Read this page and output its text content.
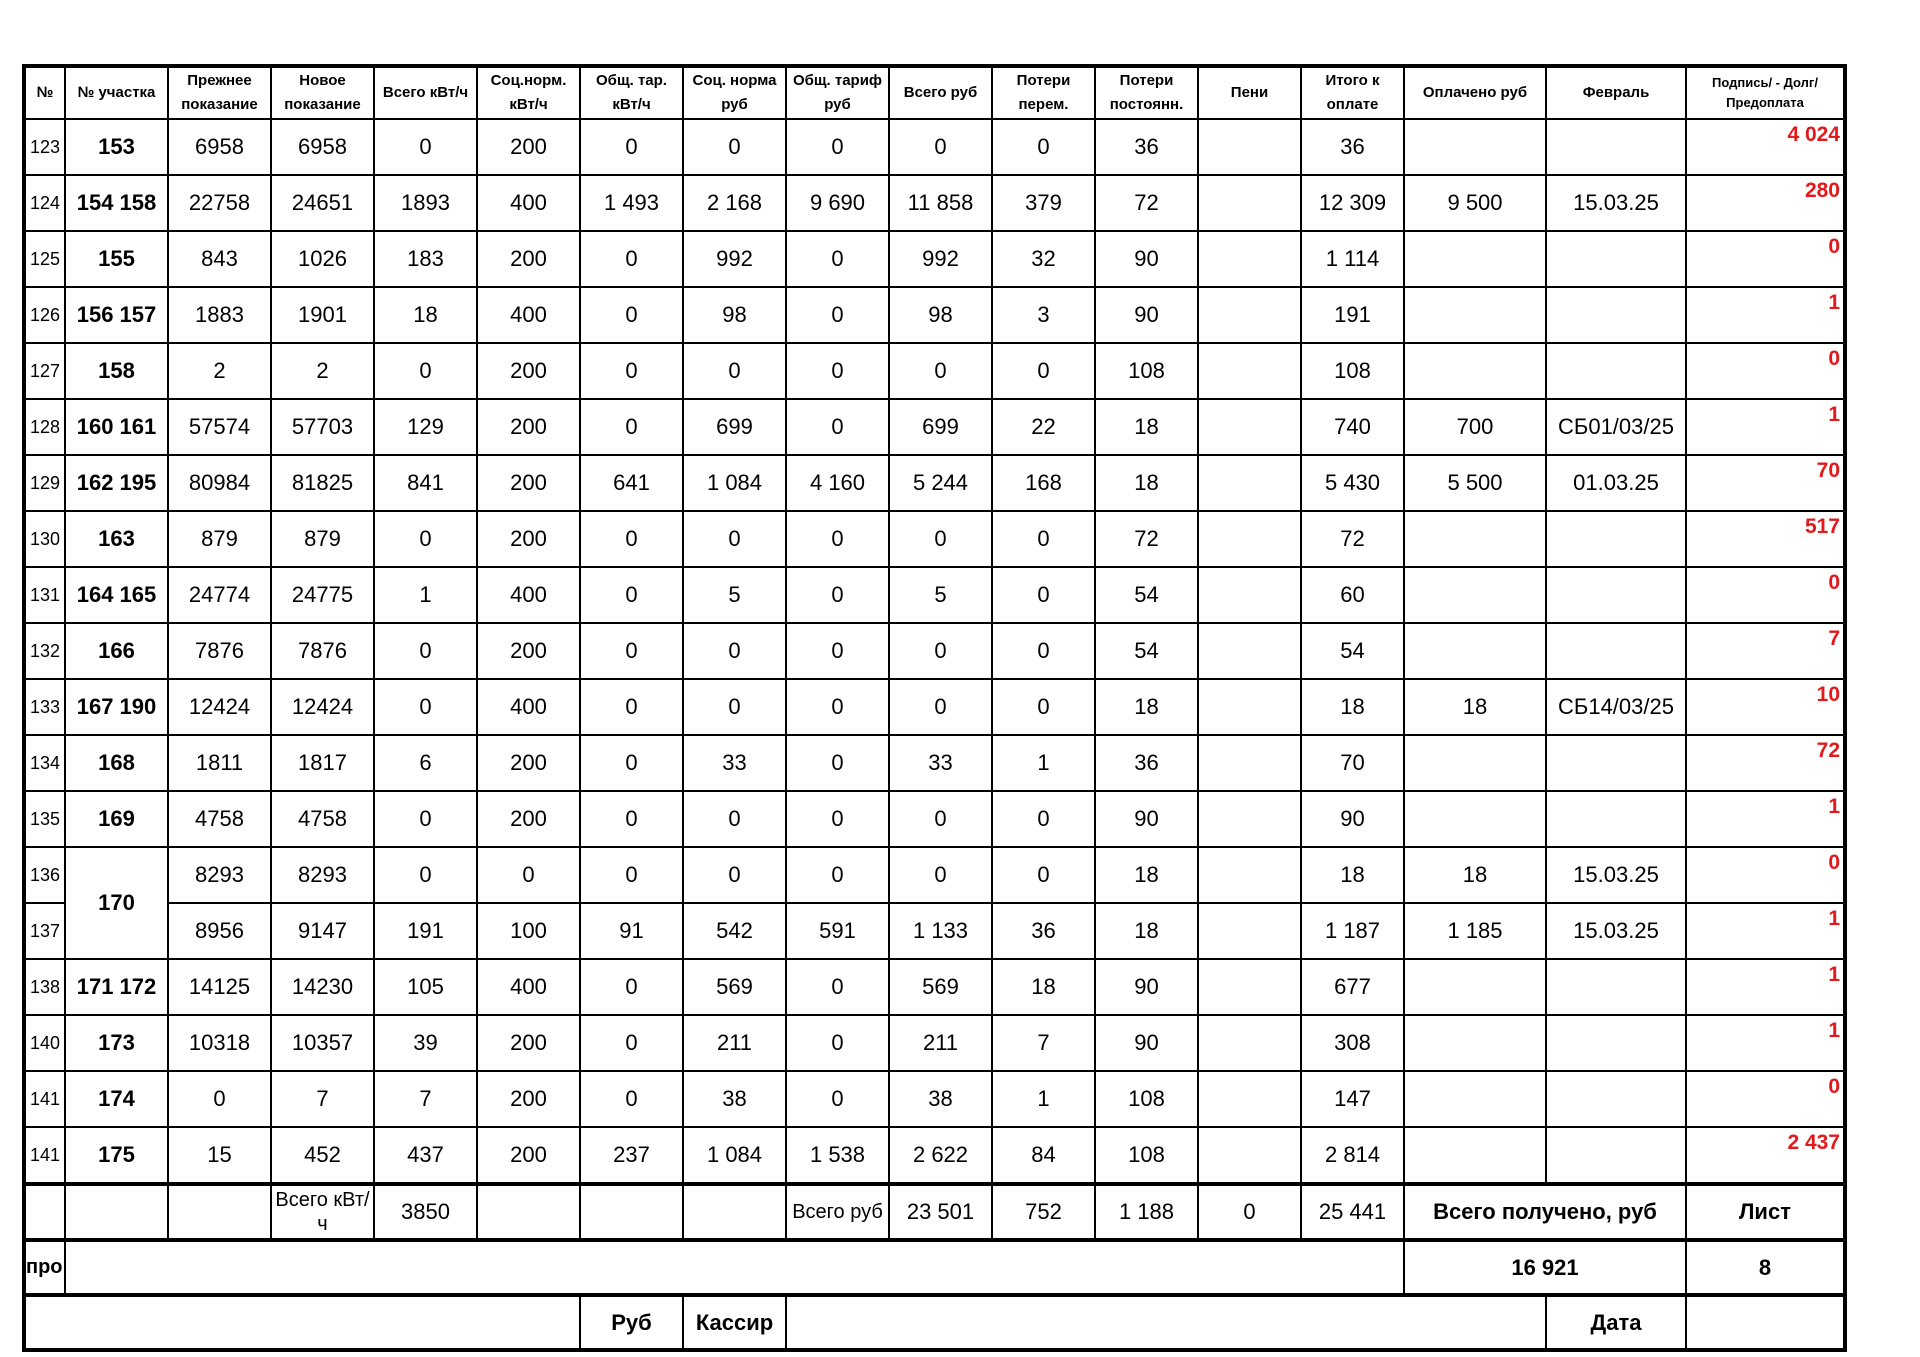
№	№ участка	Прежнее показание	Новое показание	Всего кВт/ч	Соц.норм. кВт/ч	Общ. тар. кВт/ч	Соц. норма руб	Общ. тариф руб	Всего руб	Потери перем.	Потери постоянн.	Пени	Итого к оплате	Оплачено руб	Февраль	Подпись/ - Долг/Предоплата
123	153	6958	6958	0	200	0	0	0	0	0	36		36			4 024
124	154 158	22758	24651	1893	400	1 493	2 168	9 690	11 858	379	72		12 309	9 500	15.03.25	280
125	155	843	1026	183	200	0	992	0	992	32	90		1 114			0
126	156 157	1883	1901	18	400	0	98	0	98	3	90		191			1
127	158	2	2	0	200	0	0	0	0	0	108		108			0
128	160 161	57574	57703	129	200	0	699	0	699	22	18		740	700	СБ01/03/25	1
129	162 195	80984	81825	841	200	641	1 084	4 160	5 244	168	18		5 430	5 500	01.03.25	70
130	163	879	879	0	200	0	0	0	0	0	72		72			517
131	164 165	24774	24775	1	400	0	5	0	5	0	54		60			0
132	166	7876	7876	0	200	0	0	0	0	0	54		54			7
133	167 190	12424	12424	0	400	0	0	0	0	0	18		18	18	СБ14/03/25	10
134	168	1811	1817	6	200	0	33	0	33	1	36		70			72
135	169	4758	4758	0	200	0	0	0	0	0	90		90			1
136	170	8293	8293	0	0	0	0	0	0	0	18		18	18	15.03.25	0
137		8956	9147	191	100	91	542	591	1 133	36	18		1 187	1 185	15.03.25	1
138	171 172	14125	14230	105	400	0	569	0	569	18	90		677			1
140	173	10318	10357	39	200	0	211	0	211	7	90		308			1
141	174	0	7	7	200	0	38	0	38	1	108		147			0
141	175	15	452	437	200	237	1 084	1 538	2 622	84	108		2 814			2 437
			Всего кВт/ч	3850				Всего руб	23 501	752	1 188	0	25 441	Всего получено, руб		Лист
про														16 921		8
						Руб	Кассир								Дата	
